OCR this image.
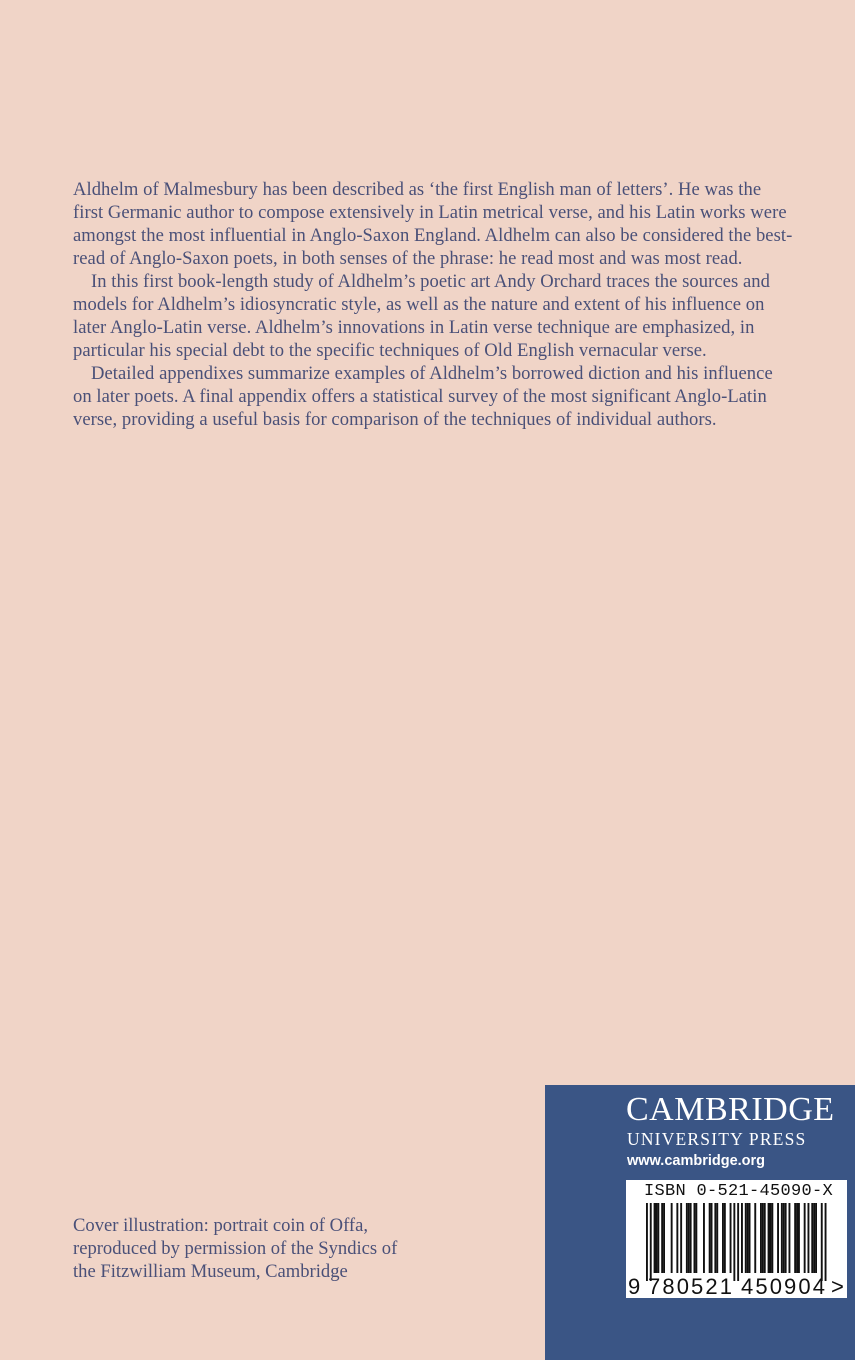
Aldhelm of Malmesbury has been described as ‘the first English man of letters’. He was the first Germanic author to compose extensively in Latin metrical verse, and his Latin works were amongst the most influential in Anglo-Saxon England. Aldhelm can also be considered the best-read of Anglo-Saxon poets, in both senses of the phrase: he read most and was most read.

In this first book-length study of Aldhelm’s poetic art Andy Orchard traces the sources and models for Aldhelm’s idiosyncratic style, as well as the nature and extent of his influence on later Anglo-Latin verse. Aldhelm’s innovations in Latin verse technique are emphasized, in particular his special debt to the specific techniques of Old English vernacular verse.

Detailed appendixes summarize examples of Aldhelm’s borrowed diction and his influence on later poets. A final appendix offers a statistical survey of the most significant Anglo-Latin verse, providing a useful basis for comparison of the techniques of individual authors.

Cover illustration: portrait coin of Offa,
reproduced by permission of the Syndics of
the Fitzwilliam Museum, Cambridge
CAMBRIDGE
UNIVERSITY PRESS
www.cambridge.org
ISBN 0-521-45090-X
9 780521 450904 >
